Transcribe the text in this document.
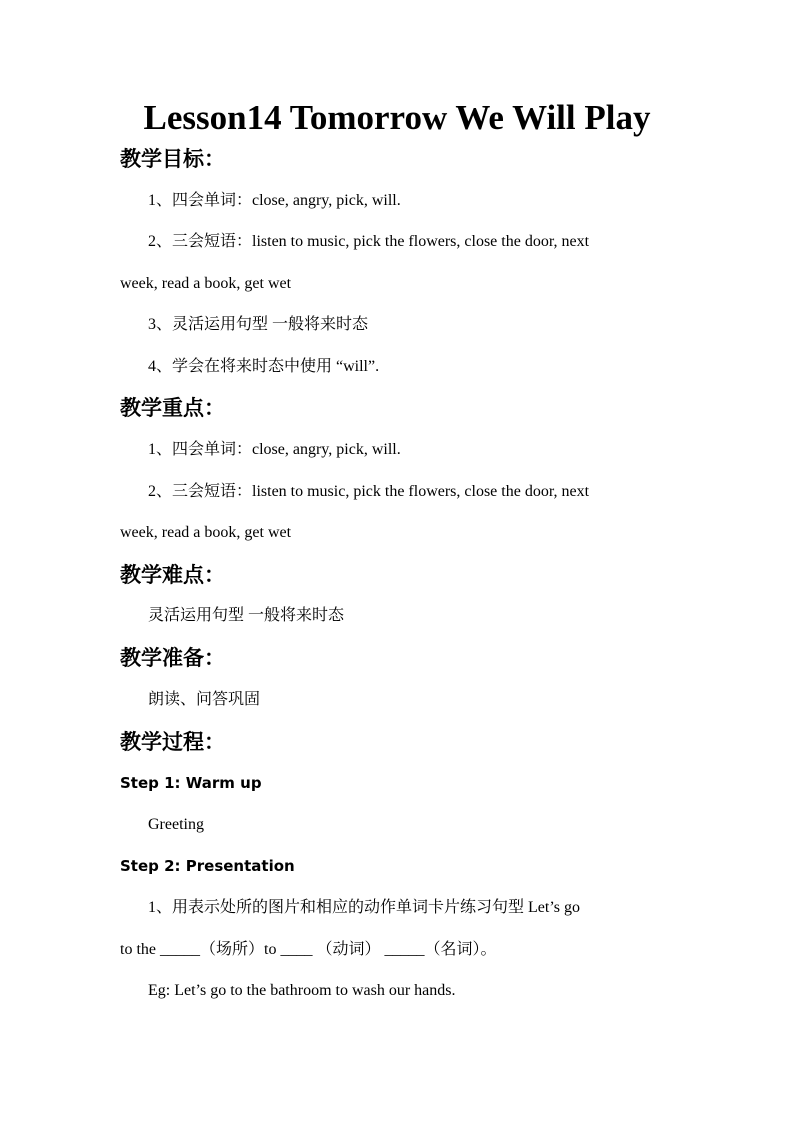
Lesson14 Tomorrow We Will Play
教学目标：
1、四会单词：close, angry, pick, will.
2、三会短语：listen to music, pick the flowers, close the door, next
week, read a book, get wet
3、灵活运用句型 一般将来时态
4、学会在将来时态中使用 “will”.
教学重点：
1、四会单词：close, angry, pick, will.
2、三会短语：listen to music, pick the flowers, close the door, next
week, read a book, get wet
教学难点：
灵活运用句型 一般将来时态
教学准备：
朗读、问答巩固
教学过程：
Step 1: Warm up
Greeting
Step 2: Presentation
1、用表示处所的图片和相应的动作单词卡片练习句型 Let’s go
to the _____（场所）to ____ （动词） _____（名词）。
Eg: Let’s go to the bathroom to wash our hands.
